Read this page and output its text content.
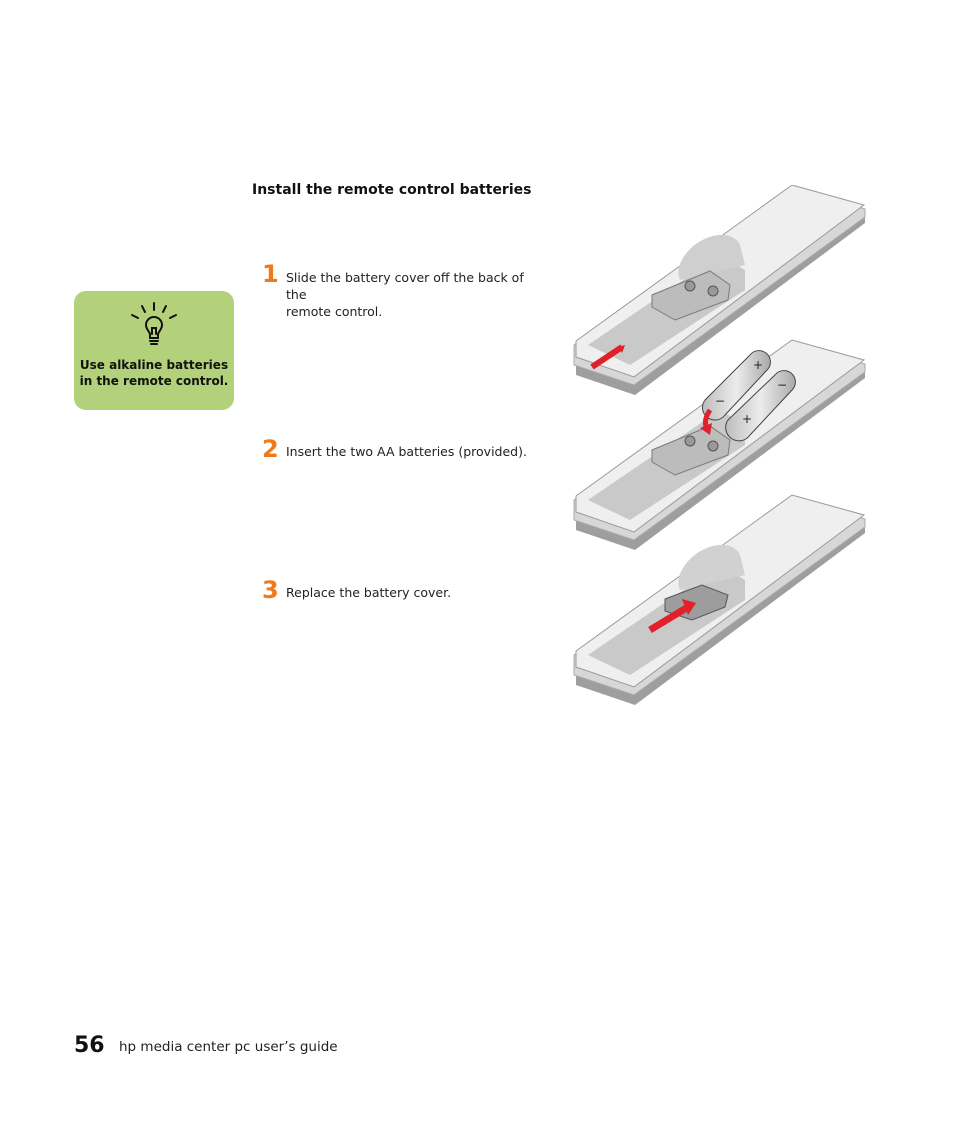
Install the remote control batteries
Use alkaline batteries
in the remote control.
1 Slide the battery cover off the back of the
remote control.
2 Insert the two AA batteries (provided).
3 Replace the battery cover.
+
−
−
+
56 hp media center pc user’s guide
